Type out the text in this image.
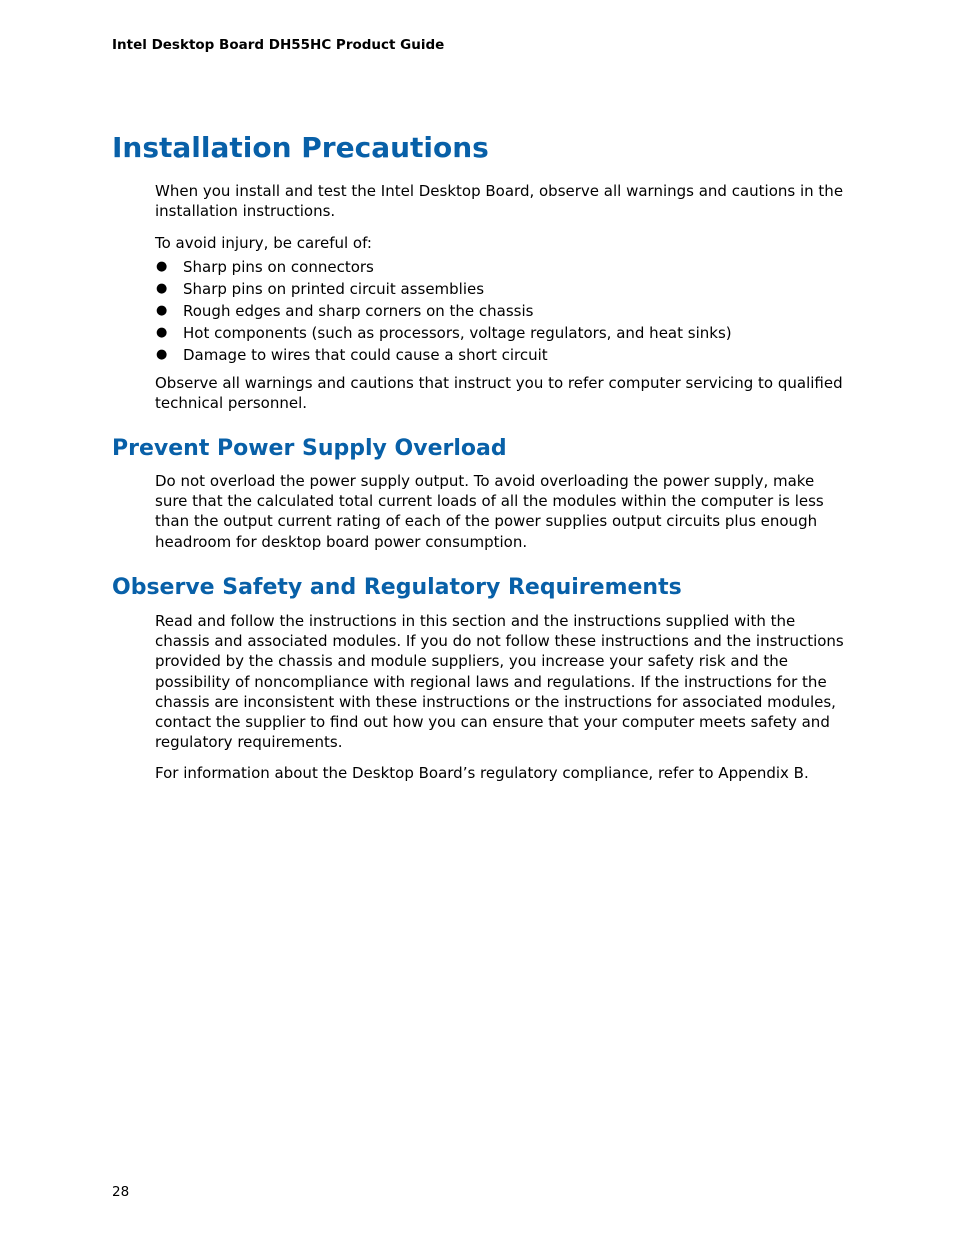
Intel Desktop Board DH55HC Product Guide
Installation Precautions

When you install and test the Intel Desktop Board, observe all warnings and cautions in the installation instructions.

To avoid injury, be careful of:

● Sharp pins on connectors
● Sharp pins on printed circuit assemblies
● Rough edges and sharp corners on the chassis
● Hot components (such as processors, voltage regulators, and heat sinks)
● Damage to wires that could cause a short circuit

Observe all warnings and cautions that instruct you to refer computer servicing to qualified technical personnel.

Prevent Power Supply Overload

Do not overload the power supply output. To avoid overloading the power supply, make sure that the calculated total current loads of all the modules within the computer is less than the output current rating of each of the power supplies output circuits plus enough headroom for desktop board power consumption.

Observe Safety and Regulatory Requirements

Read and follow the instructions in this section and the instructions supplied with the chassis and associated modules. If you do not follow these instructions and the instructions provided by the chassis and module suppliers, you increase your safety risk and the possibility of noncompliance with regional laws and regulations. If the instructions for the chassis are inconsistent with these instructions or the instructions for associated modules, contact the supplier to find out how you can ensure that your computer meets safety and regulatory requirements.

For information about the Desktop Board’s regulatory compliance, refer to Appendix B.

28
